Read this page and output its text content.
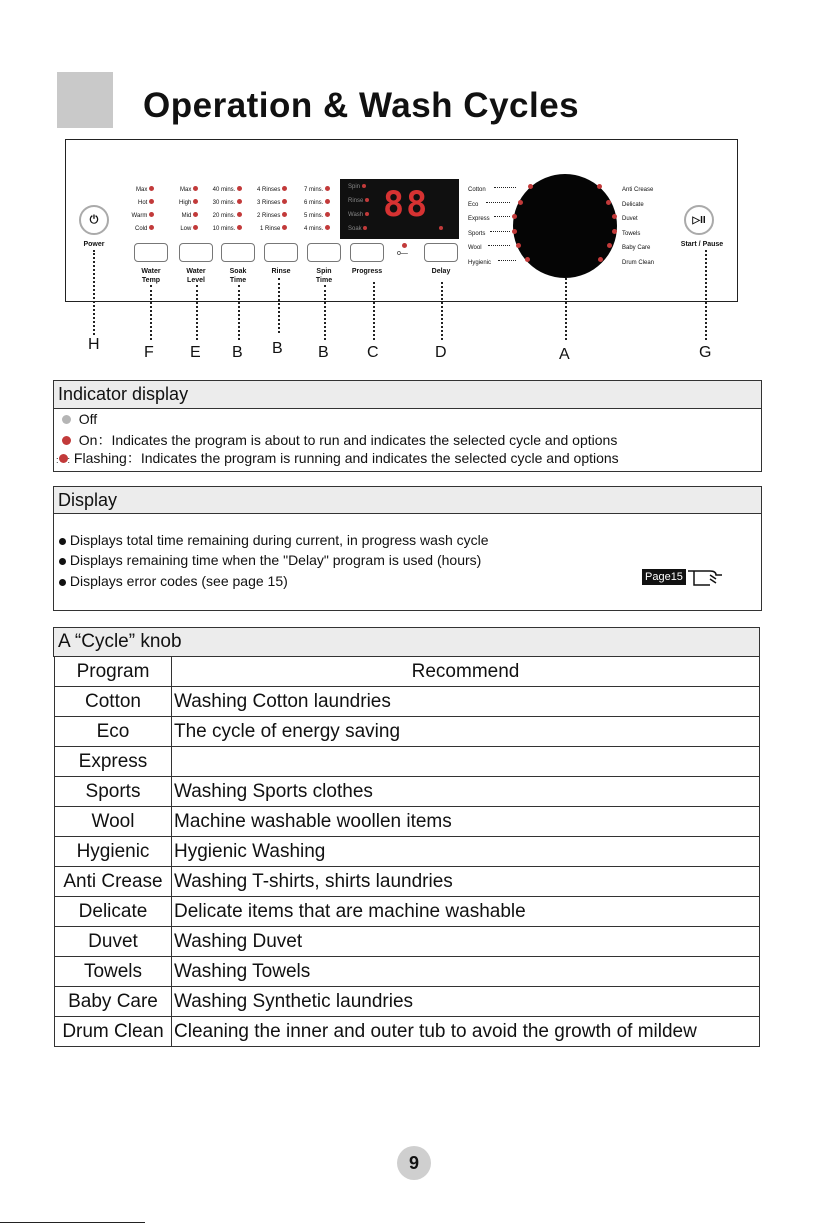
Operation & Wash Cycles
⏻
Power
Max
Hot
Warm
Cold
Max
High
Mid
Low
40 mins.
30 mins.
20 mins.
10 mins.
4 Rinses
3 Rinses
2 Rinses
1 Rinse
7 mins.
6 mins.
5 mins.
4 mins.
Spin
Rinse
Wash
Soak
88
o—
Water
Temp
Water
Level
Soak
Time
Rinse	Spin
Time
Progress	Delay
Cotton
Eco
Express
Sports
Wool
Hygienic
Anti Crease
Delicate
Duvet
Towels
Baby Care
Drum Clean
▷II
Start / Pause
H	F E B B B C	D	A	G
Indicator display
Off
On：Indicates the program is about to run and indicates the selected cycle and options
: : Flashing：Indicates the program is running and indicates the selected cycle and options
Display
Displays total time remaining during current, in progress wash cycle
Displays remaining time when the "Delay" program is used (hours)
Displays error codes (see page 15)	Page15
A “Cycle” knob
Program	Recommend
Cotton	Washing Cotton laundries
Eco	The cycle of energy saving
Express	
Sports	Washing Sports clothes
Wool	Machine washable woollen items
Hygienic	Hygienic Washing
Anti Crease	Washing T-shirts, shirts laundries
Delicate	Delicate items that are machine washable
Duvet	Washing Duvet
Towels	Washing Towels
Baby Care	Washing Synthetic laundries
Drum Clean	Cleaning the inner and outer tub to avoid the growth of mildew
9
